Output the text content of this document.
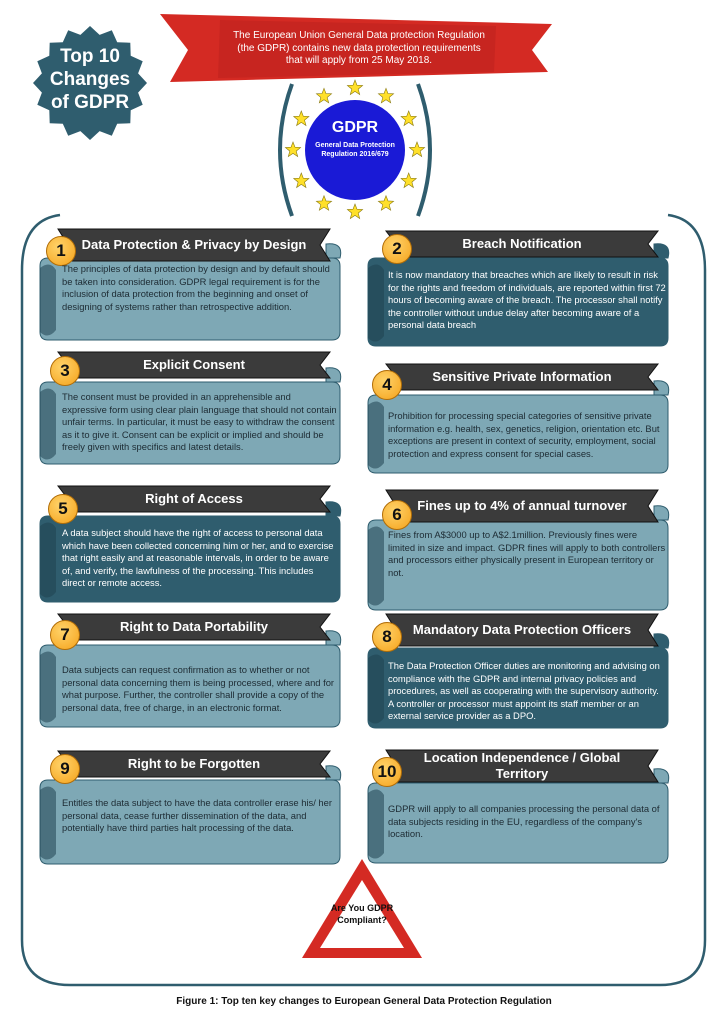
Top 10 Changes of GDPR
The European Union General Data protection Regulation (the GDPR) contains new data protection requirements that will apply from 25 May 2018.
GDPR
General Data Protection Regulation 2016/679
Data Protection & Privacy by Design
1
The principles of data protection by design and by default should be taken into consideration. GDPR legal requirement is for the inclusion of data protection from the beginning and onset of designing of systems rather than retrospective addition.
Breach Notification
2
It is now mandatory that breaches which are likely to result in risk for the rights and freedom of individuals, are reported within first 72 hours of becoming aware of the breach. The processor shall notify the controller without undue delay after becoming aware of a personal data breach
Explicit Consent
3
The consent must be provided in an apprehensible and expressive form using clear plain language that should not contain unfair terms. In particular, it must be easy to withdraw the consent as it to give it. Consent can be explicit or implied and should be freely given with specifics and latest details.
Sensitive Private Information
4
Prohibition for processing special categories of sensitive private information e.g. health, sex, genetics, religion, orientation etc. But exceptions are present in context of security, employment, social protection and express consent for special cases.
Right of Access
5
A data subject should have the right of access to personal data which have been collected concerning him or her, and to exercise that right easily and at reasonable intervals, in order to be aware of, and verify, the lawfulness of the processing. This includes direct or remote access.
Fines up to 4% of annual turnover
6
Fines from A$3000 up to A$2.1million. Previously fines were limited in size and impact. GDPR fines will apply to both controllers and processors either physically present in European territory or not.
Right to Data Portability
7
Data subjects can request confirmation as to whether or not personal data concerning them is being processed, where and for what purpose. Further, the controller shall provide a copy of the personal data, free of charge, in an electronic format.
Mandatory Data Protection Officers
8
The Data Protection Officer duties are monitoring and advising on compliance with the GDPR and internal privacy policies and procedures, as well as cooperating with the supervisory authority. A controller or processor must appoint its staff member or an external service provider as a DPO.
Right to be Forgotten
9
Entitles the data subject to have the data controller erase his/ her personal data, cease further dissemination of the data, and potentially have third parties halt processing of the data.
Location Independence / Global Territory
10
GDPR will apply to all companies processing the personal data of data subjects residing in the EU, regardless of the company's location.
Are You GDPR Compliant?
Figure 1: Top ten key changes to European General Data Protection Regulation
